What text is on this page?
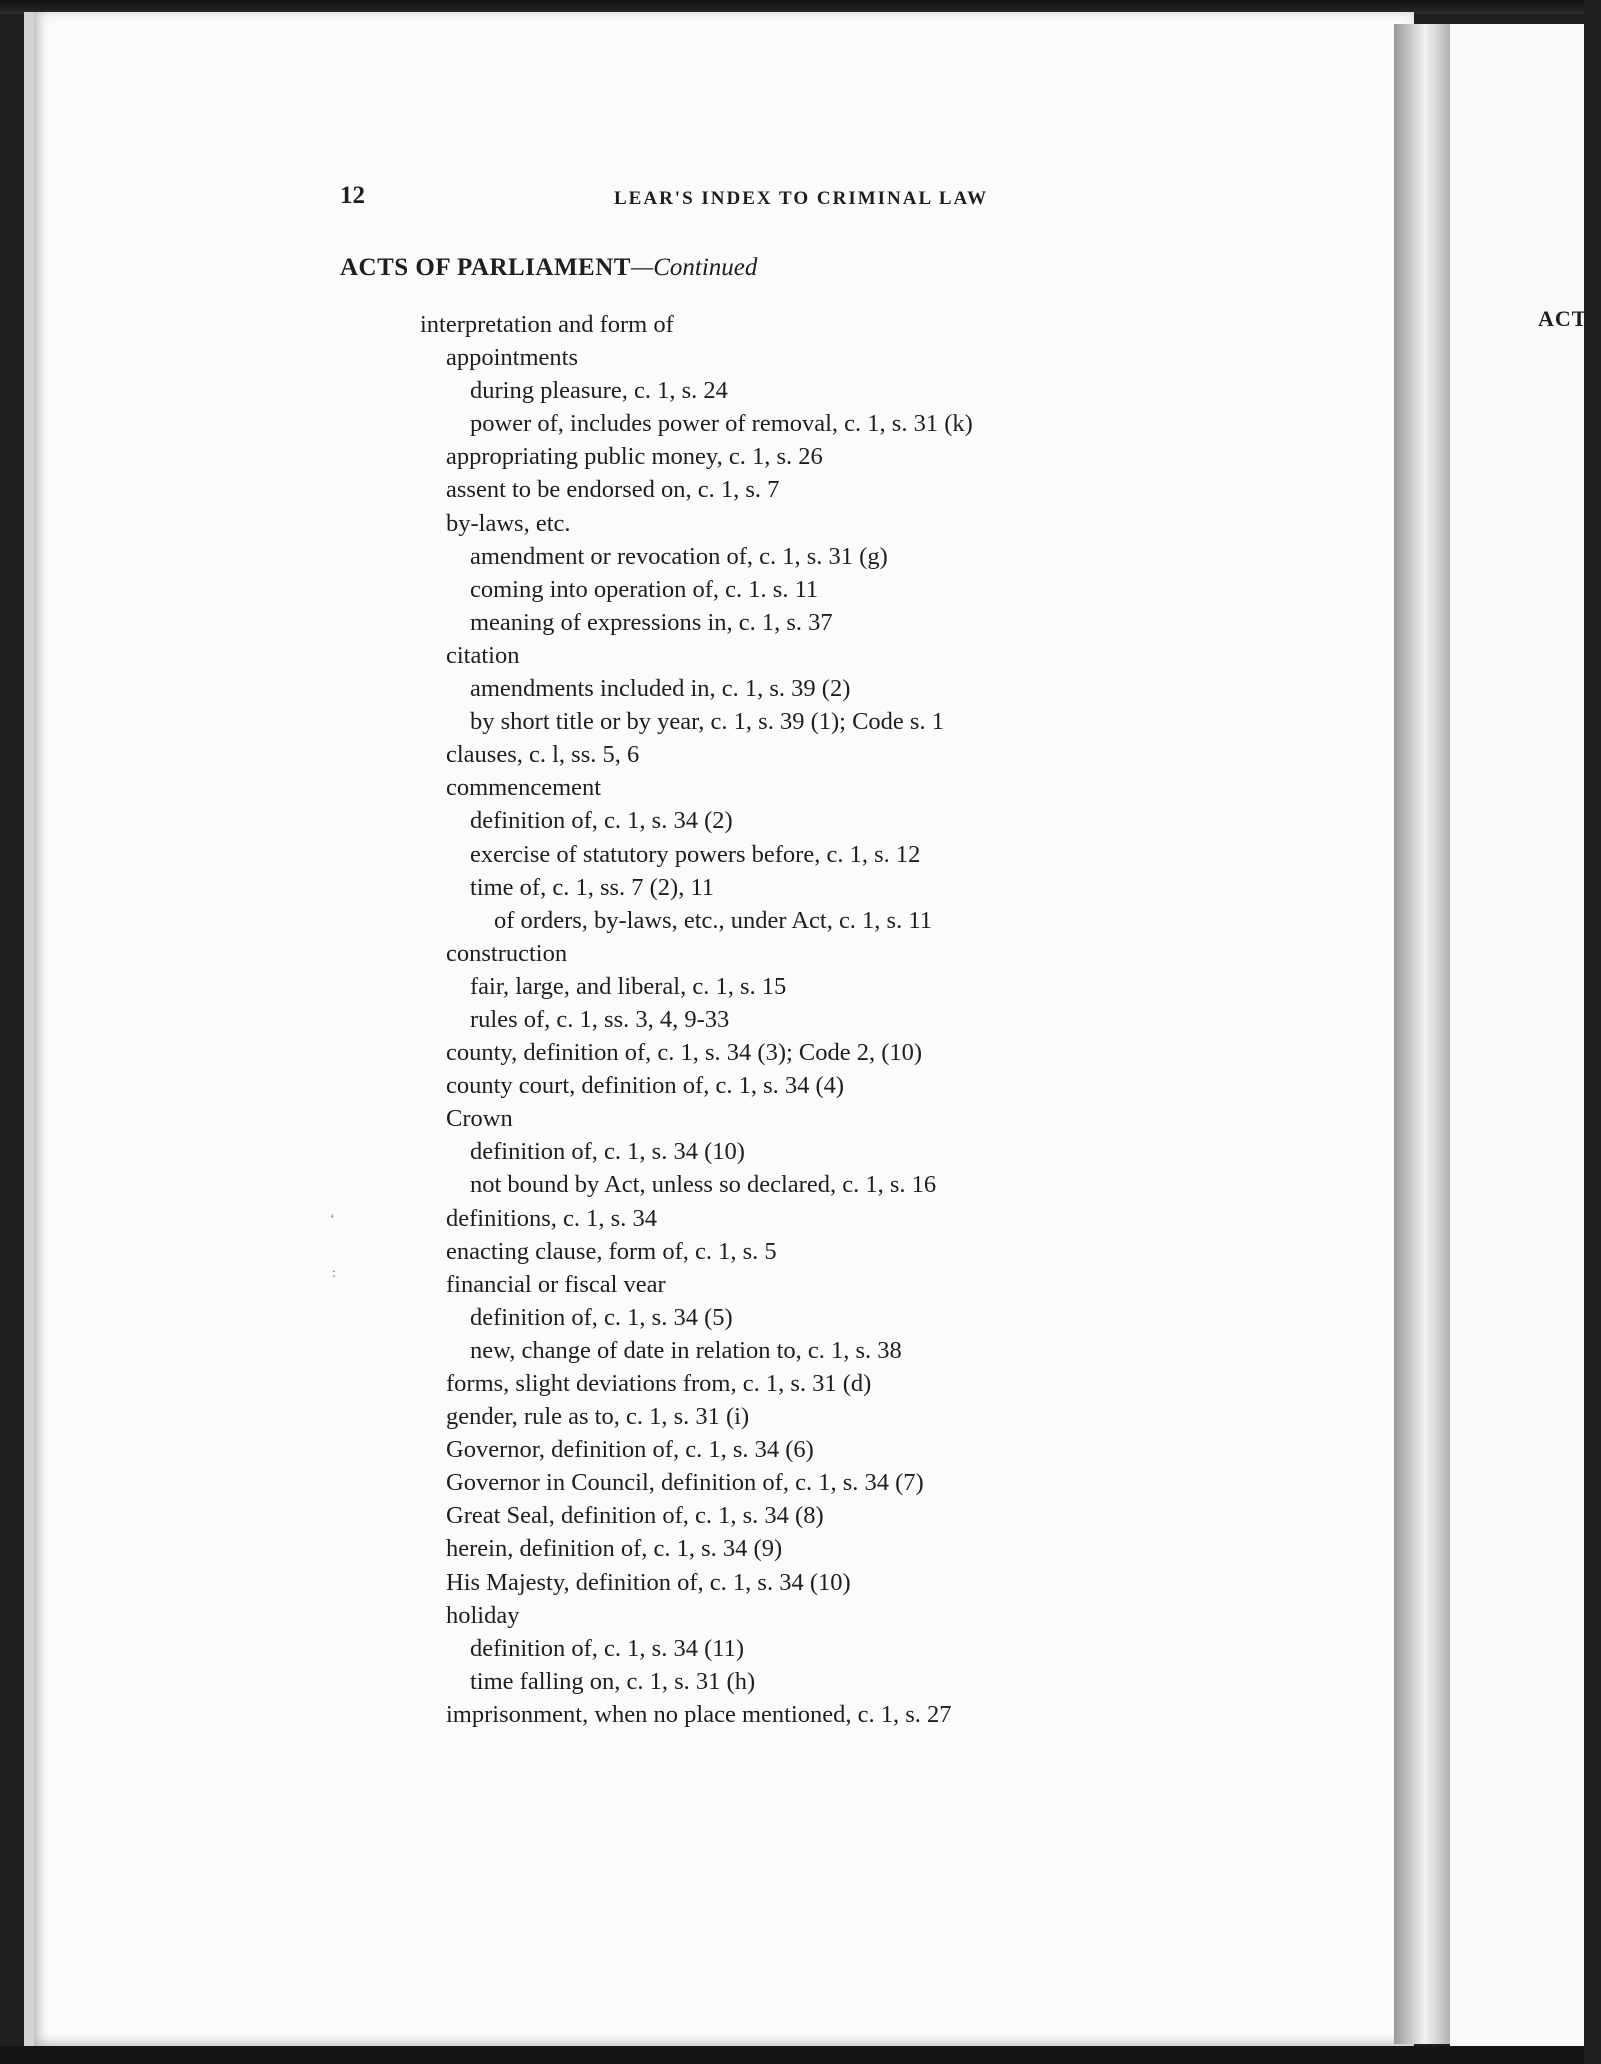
12	LEAR'S INDEX TO CRIMINAL LAW
ACTS OF PARLIAMENT—Continued
interpretation and form of
appointments
during pleasure, c. 1, s. 24
power of, includes power of removal, c. 1, s. 31 (k)
appropriating public money, c. 1, s. 26
assent to be endorsed on, c. 1, s. 7
by-laws, etc.
amendment or revocation of, c. 1, s. 31 (g)
coming into operation of, c. 1. s. 11
meaning of expressions in, c. 1, s. 37
citation
amendments included in, c. 1, s. 39 (2)
by short title or by year, c. 1, s. 39 (1); Code s. 1
clauses, c. l, ss. 5, 6
commencement
definition of, c. 1, s. 34 (2)
exercise of statutory powers before, c. 1, s. 12
time of, c. 1, ss. 7 (2), 11
of orders, by-laws, etc., under Act, c. 1, s. 11
construction
fair, large, and liberal, c. 1, s. 15
rules of, c. 1, ss. 3, 4, 9-33
county, definition of, c. 1, s. 34 (3); Code 2, (10)
county court, definition of, c. 1, s. 34 (4)
Crown
definition of, c. 1, s. 34 (10)
not bound by Act, unless so declared, c. 1, s. 16
definitions, c. 1, s. 34
enacting clause, form of, c. 1, s. 5
financial or fiscal vear
definition of, c. 1, s. 34 (5)
new, change of date in relation to, c. 1, s. 38
forms, slight deviations from, c. 1, s. 31 (d)
gender, rule as to, c. 1, s. 31 (i)
Governor, definition of, c. 1, s. 34 (6)
Governor in Council, definition of, c. 1, s. 34 (7)
Great Seal, definition of, c. 1, s. 34 (8)
herein, definition of, c. 1, s. 34 (9)
His Majesty, definition of, c. 1, s. 34 (10)
holiday
definition of, c. 1, s. 34 (11)
time falling on, c. 1, s. 31 (h)
imprisonment, when no place mentioned, c. 1, s. 27
‘
:
ACTS
